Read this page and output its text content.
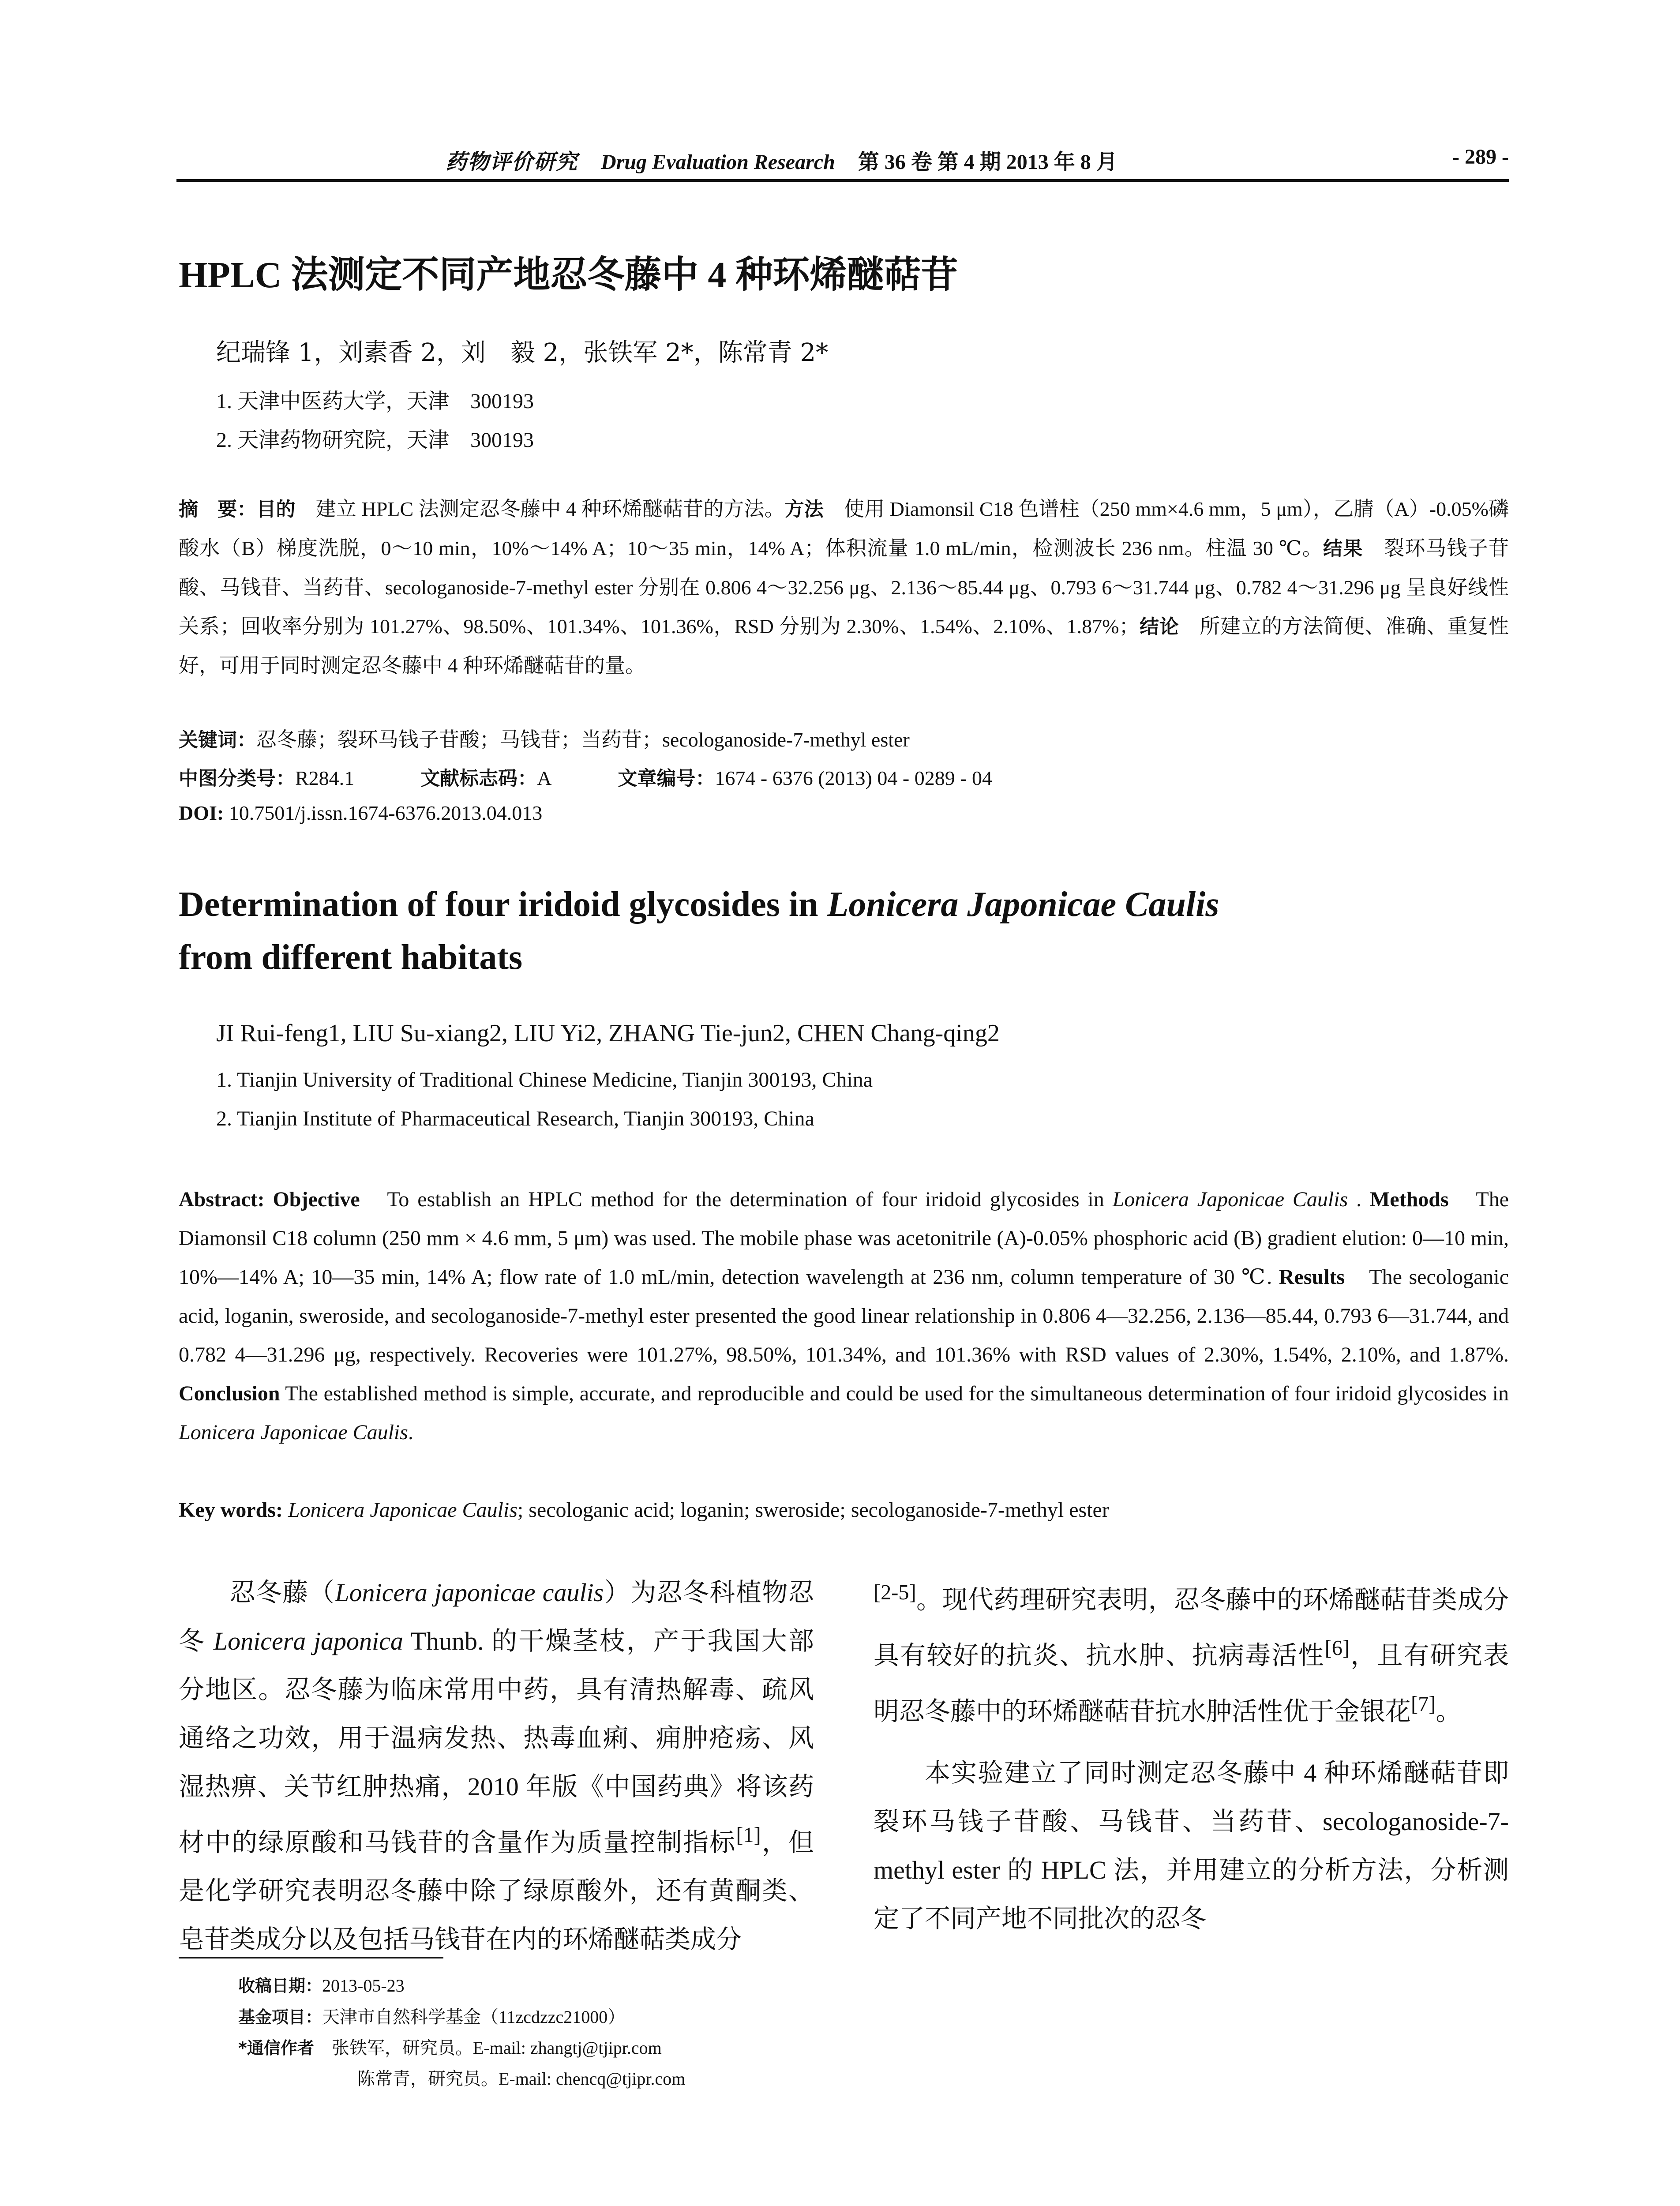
药物评价研究 Drug Evaluation Research 第 36 卷 第 4 期 2013 年 8 月	- 289 -
HPLC 法测定不同产地忍冬藤中 4 种环烯醚萜苷
纪瑞锋 1，刘素香 2，刘　毅 2，张铁军 2*，陈常青 2*
1. 天津中医药大学，天津　300193
2. 天津药物研究院，天津　300193
摘　要：目的　建立 HPLC 法测定忍冬藤中 4 种环烯醚萜苷的方法。方法　使用 Diamonsil C18 色谱柱（250 mm×4.6 mm，5 μm），乙腈（A）-0.05%磷酸水（B）梯度洗脱，0～10 min，10%～14% A；10～35 min，14% A；体积流量 1.0 mL/min，检测波长 236 nm。柱温 30 ℃。结果　裂环马钱子苷酸、马钱苷、当药苷、secologanoside-7-methyl ester 分别在 0.806 4～32.256 μg、2.136～85.44 μg、0.793 6～31.744 μg、0.782 4～31.296 μg 呈良好线性关系；回收率分别为 101.27%、98.50%、101.34%、101.36%，RSD 分别为 2.30%、1.54%、2.10%、1.87%；结论　所建立的方法简便、准确、重复性好，可用于同时测定忍冬藤中 4 种环烯醚萜苷的量。
关键词：忍冬藤；裂环马钱子苷酸；马钱苷；当药苷；secologanoside-7-methyl ester
中图分类号：R284.1	文献标志码：A	文章编号：1674 - 6376 (2013) 04 - 0289 - 04
DOI: 10.7501/j.issn.1674-6376.2013.04.013
Determination of four iridoid glycosides in Lonicera Japonicae Caulis
from different habitats
JI Rui-feng1, LIU Su-xiang2, LIU Yi2, ZHANG Tie-jun2, CHEN Chang-qing2
1. Tianjin University of Traditional Chinese Medicine, Tianjin 300193, China
2. Tianjin Institute of Pharmaceutical Research, Tianjin 300193, China
Abstract: Objective　To establish an HPLC method for the determination of four iridoid glycosides in Lonicera Japonicae Caulis . Methods　The Diamonsil C18 column (250 mm × 4.6 mm, 5 μm) was used. The mobile phase was acetonitrile (A)-0.05% phosphoric acid (B) gradient elution: 0—10 min, 10%—14% A; 10—35 min, 14% A; flow rate of 1.0 mL/min, detection wavelength at 236 nm, column temperature of 30 ℃. Results　The secologanic acid, loganin, sweroside, and secologanoside-7-methyl ester presented the good linear relationship in 0.806 4—32.256, 2.136—85.44, 0.793 6—31.744, and 0.782 4—31.296 μg, respectively. Recoveries were 101.27%, 98.50%, 101.34%, and 101.36% with RSD values of 2.30%, 1.54%, 2.10%, and 1.87%. Conclusion The established method is simple, accurate, and reproducible and could be used for the simultaneous determination of four iridoid glycosides in Lonicera Japonicae Caulis.
Key words: Lonicera Japonicae Caulis; secologanic acid; loganin; sweroside; secologanoside-7-methyl ester

忍冬藤（Lonicera japonicae caulis）为忍冬科植物忍冬 Lonicera japonica Thunb. 的干燥茎枝，产于我国大部分地区。忍冬藤为临床常用中药，具有清热解毒、疏风通络之功效，用于温病发热、热毒血痢、痈肿疮疡、风湿热痹、关节红肿热痛，2010 年版《中国药典》将该药材中的绿原酸和马钱苷的含量作为质量控制指标[1]，但是化学研究表明忍冬藤中除了绿原酸外，还有黄酮类、皂苷类成分以及包括马钱苷在内的环烯醚萜类成分

[2-5]。现代药理研究表明，忍冬藤中的环烯醚萜苷类成分具有较好的抗炎、抗水肿、抗病毒活性[6]，且有研究表明忍冬藤中的环烯醚萜苷抗水肿活性优于金银花[7]。

本实验建立了同时测定忍冬藤中 4 种环烯醚萜苷即裂环马钱子苷酸、马钱苷、当药苷、secologanoside-7-methyl ester 的 HPLC 法，并用建立的分析方法，分析测定了不同产地不同批次的忍冬

收稿日期：2013-05-23
基金项目：天津市自然科学基金（11zcdzzc21000）
*通信作者　张铁军，研究员。E-mail: zhangtj@tjipr.com
陈常青，研究员。E-mail: chencq@tjipr.com
